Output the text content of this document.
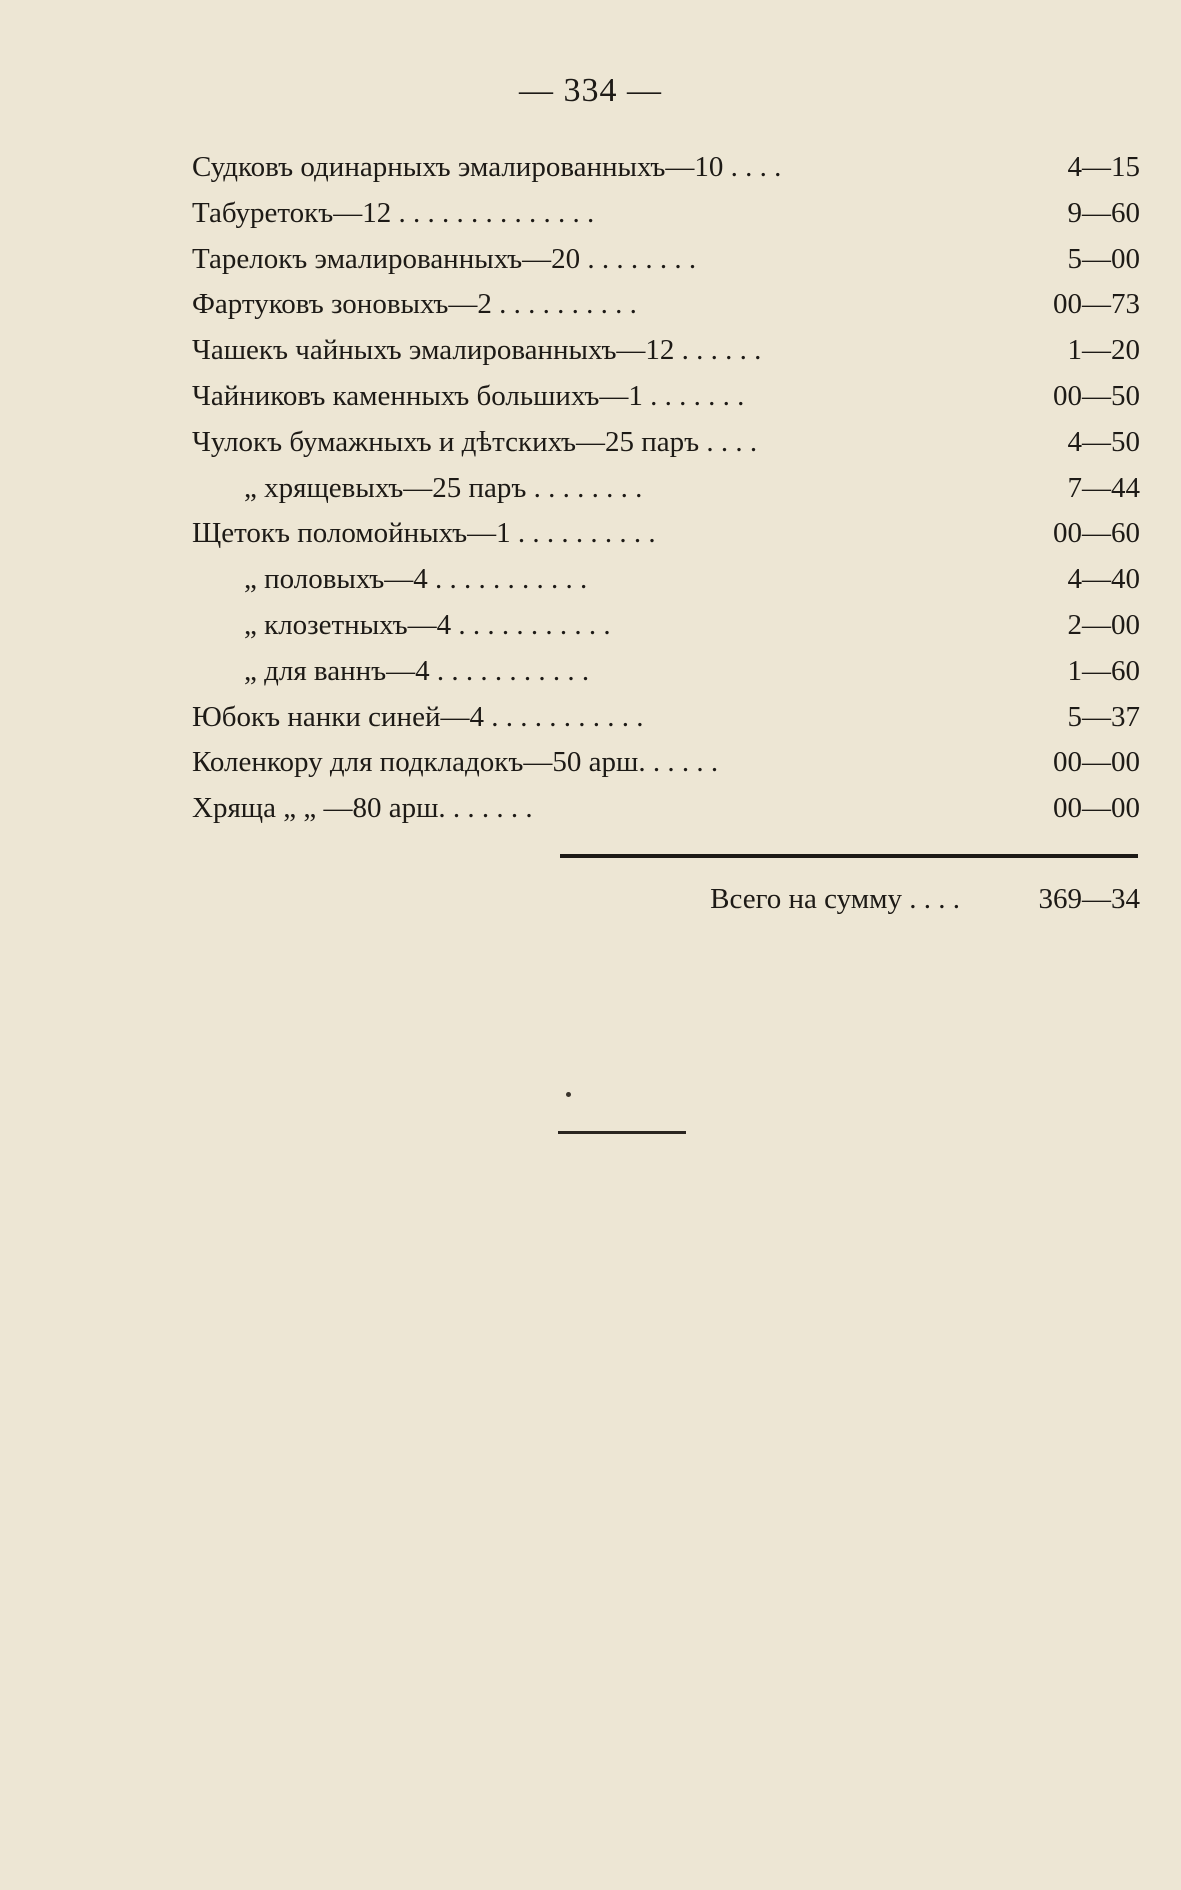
— 334 —
Судковъ одинарныхъ эмалированныхъ—10 . . . .	4—15
Табуретокъ—12 . . . . . . . . . . . . . .	9—60
Тарелокъ эмалированныхъ—20 . . . . . . . .	5—00
Фартуковъ зоновыхъ—2 . . . . . . . . . .	00—73
Чашекъ чайныхъ эмалированныхъ—12 . . . . . .	1—20
Чайниковъ каменныхъ большихъ—1 . . . . . . .	00—50
Чулокъ бумажныхъ и дѣтскихъ—25 паръ . . . .	4—50
„ хрящевыхъ—25 паръ . . . . . . . .	7—44
Щетокъ поломойныхъ—1 . . . . . . . . . .	00—60
„ половыхъ—4 . . . . . . . . . . .	4—40
„ клозетныхъ—4 . . . . . . . . . . .	2—00
„ для ваннъ—4 . . . . . . . . . . .	1—60
Юбокъ нанки синей—4 . . . . . . . . . . .	5—37
Коленкору для подкладокъ—50 арш. . . . . .	00—00
Хряща „ „ —80 арш. . . . . . .	00—00
Всего на сумму . . . .	369—34
